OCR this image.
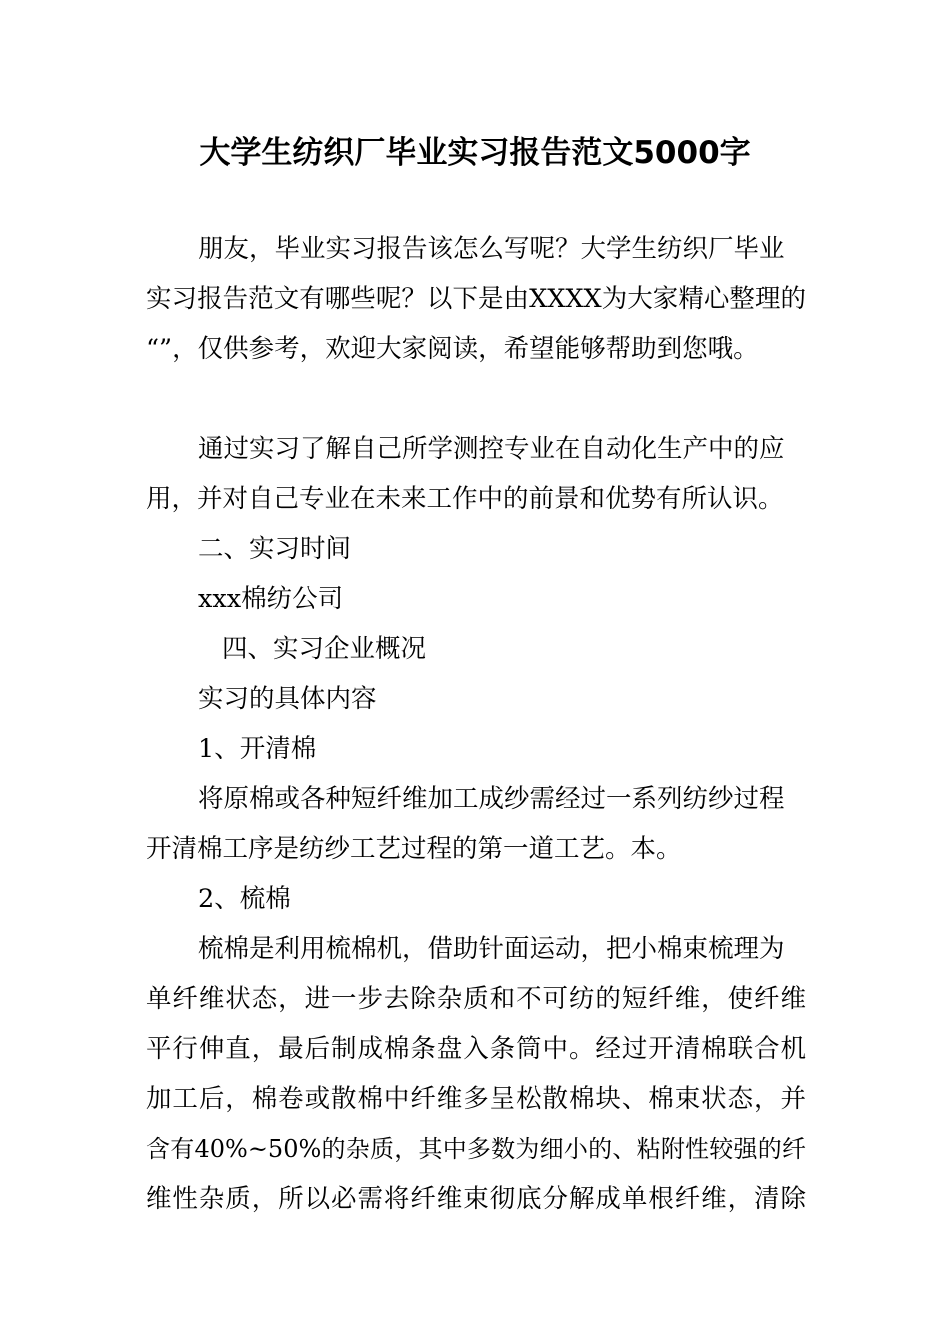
大学生纺织厂毕业实习报告范文5000字
朋友，毕业实习报告该怎么写呢？大学生纺织厂毕业
实习报告范文有哪些呢？以下是由XXXX为大家精心整理的
“”，仅供参考，欢迎大家阅读，希望能够帮助到您哦。
通过实习了解自己所学测控专业在自动化生产中的应
用，并对自己专业在未来工作中的前景和优势有所认识。
二、实习时间
xxx棉纺公司
四、实习企业概况
实习的具体内容
1、开清棉
将原棉或各种短纤维加工成纱需经过一系列纺纱过程
开清棉工序是纺纱工艺过程的第一道工艺。本。
2、梳棉
梳棉是利用梳棉机，借助针面运动，把小棉束梳理为
单纤维状态，进一步去除杂质和不可纺的短纤维，使纤维
平行伸直，最后制成棉条盘入条筒中。经过开清棉联合机
加工后，棉卷或散棉中纤维多呈松散棉块、棉束状态，并
含有40%~50%的杂质，其中多数为细小的、粘附性较强的纤
维性杂质，所以必需将纤维束彻底分解成单根纤维，清除
